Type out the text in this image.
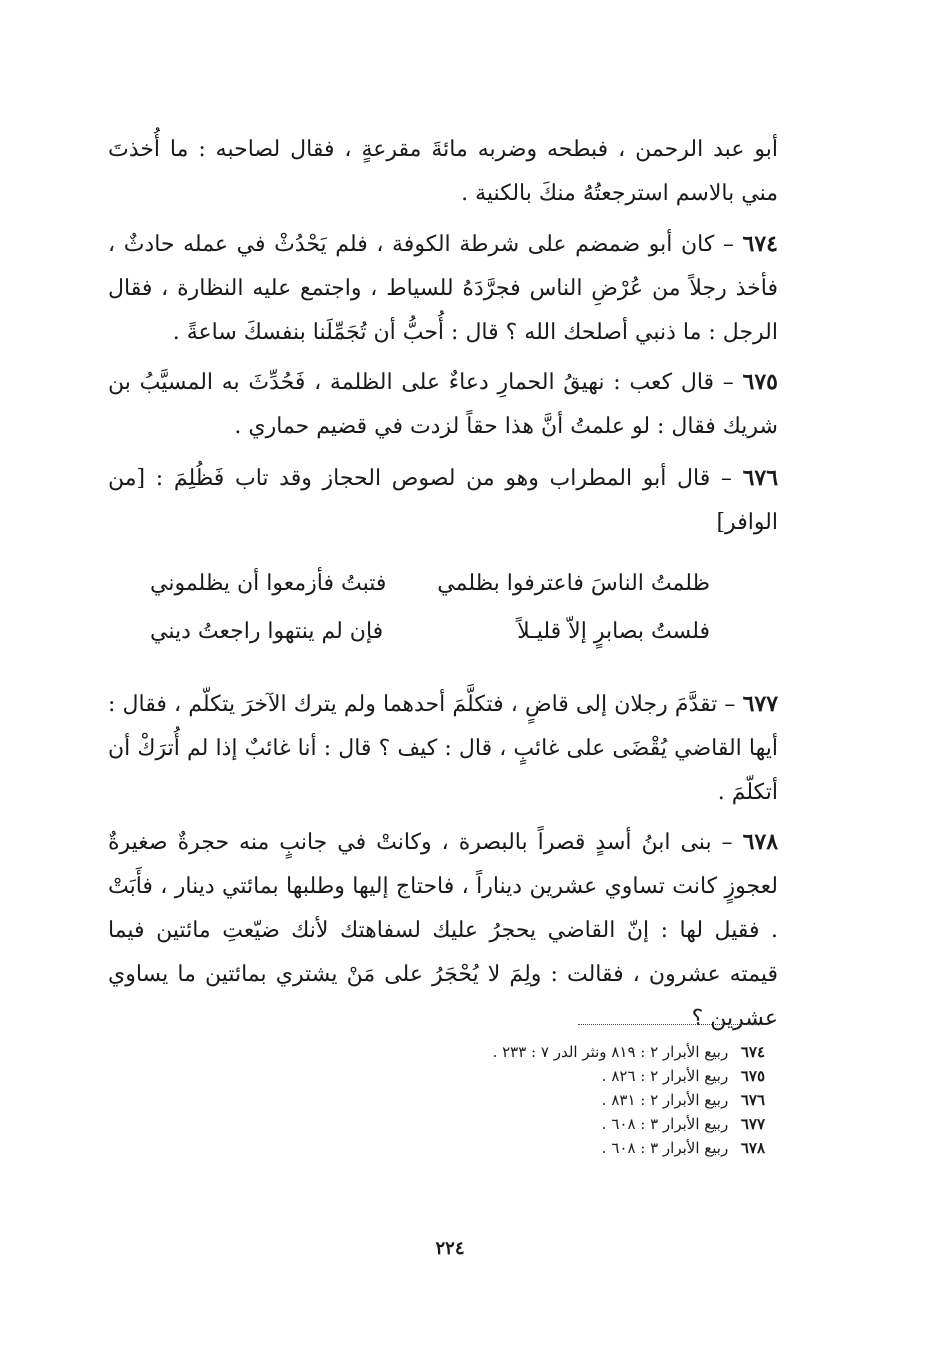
أبو عبد الرحمن ، فبطحه وضربه مائةَ مقرعةٍ ، فقال لصاحبه : ما أُخذتَ مني بالاسم استرجعتُهُ منكَ بالكنية .

٦٧٤ – كان أبو ضمضم على شرطة الكوفة ، فلم يَحْدُثْ في عمله حادثٌ ، فأخذ رجلاً من عُرْضِ الناس فجرَّدَهُ للسياط ، واجتمع عليه النظارة ، فقال الرجل : ما ذنبي أصلحك الله ؟ قال : أُحبُّ أن تُجَمِّلَنا بنفسكَ ساعةً .

٦٧٥ – قال كعب : نهيقُ الحمارِ دعاءٌ على الظلمة ، فَحُدِّثَ به المسيَّبُ بن شريك فقال : لو علمتُ أنَّ هذا حقاً لزدت في قضيم حماري .

٦٧٦ – قال أبو المطراب وهو من لصوص الحجاز وقد تاب فَظُلِمَ : [من الوافر]

ظلمتُ الناسَ فاعترفوا بظلمي
فتبتُ فأزمعوا أن يظلموني
فلستُ بصابرٍ إلاّ قليـلاً
فإن لم ينتهوا راجعتُ ديني

٦٧٧ – تقدَّمَ رجلان إلى قاضٍ ، فتكلَّمَ أحدهما ولم يترك الآخرَ يتكلّم ، فقال : أيها القاضي يُقْضَى على غائبٍ ، قال : كيف ؟ قال : أنا غائبٌ إذا لم أُترَكْ أن أتكلّمَ .

٦٧٨ – بنى ابنُ أسدٍ قصراً بالبصرة ، وكانتْ في جانبٍ منه حجرةٌ صغيرةٌ لعجوزٍ كانت تساوي عشرين ديناراً ، فاحتاج إليها وطلبها بمائتي دينار ، فأَبَتْ . فقيل لها : إنّ القاضي يحجرُ عليك لسفاهتك لأنك ضيّعتِ مائتين فيما قيمته عشرون ، فقالت : ولِمَ لا يُحْجَرُ على مَنْ يشتري بمائتين ما يساوي عشرين ؟

٦٧٤ ربيع الأبرار ٢ : ٨١٩ ونثر الدر ٧ : ٢٣٣ .
٦٧٥ ربيع الأبرار ٢ : ٨٢٦ .
٦٧٦ ربيع الأبرار ٢ : ٨٣١ .
٦٧٧ ربيع الأبرار ٣ : ٦٠٨ .
٦٧٨ ربيع الأبرار ٣ : ٦٠٨ .
٢٢٤
